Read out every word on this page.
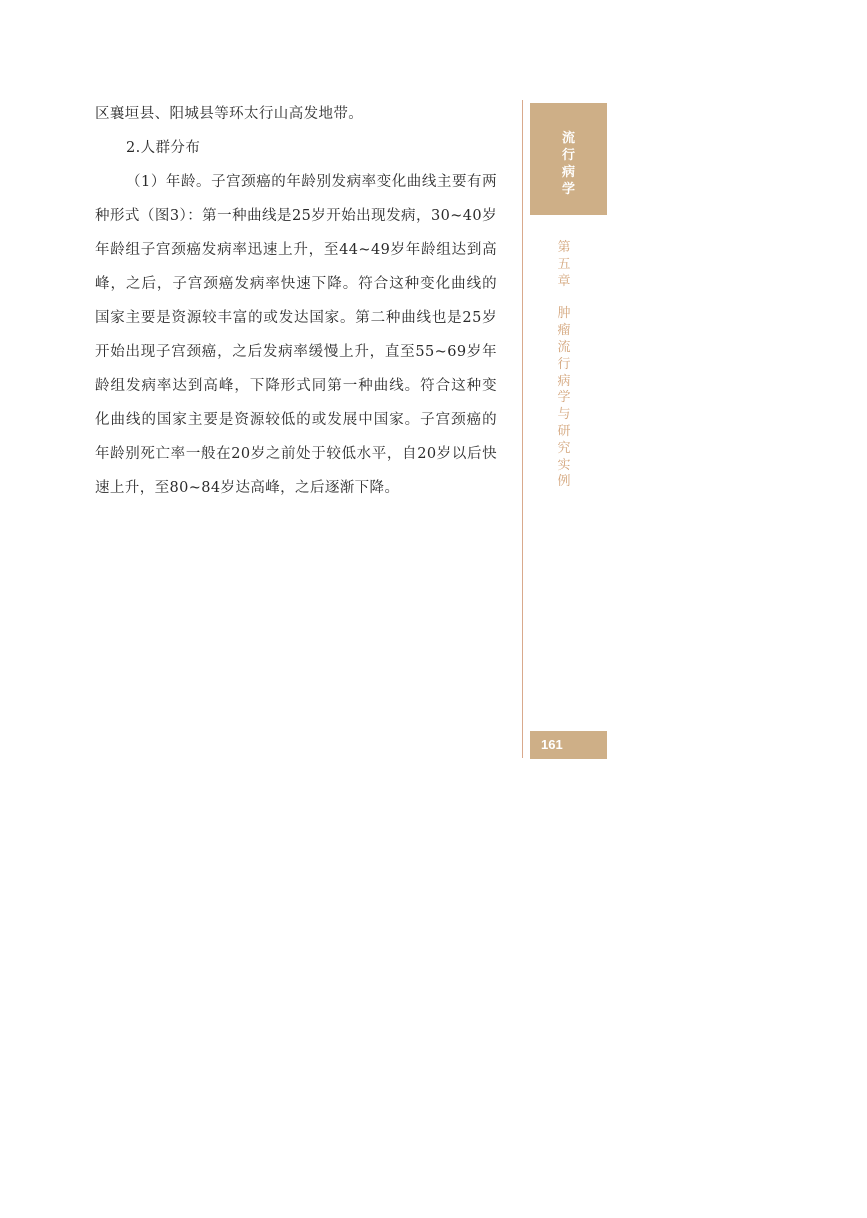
区襄垣县、阳城县等环太行山高发地带。

2.人群分布

（1）年龄。子宫颈癌的年龄别发病率变化曲线主要有两种形式（图3）：第一种曲线是25岁开始出现发病，30~40岁年龄组子宫颈癌发病率迅速上升，至44~49岁年龄组达到高峰，之后，子宫颈癌发病率快速下降。符合这种变化曲线的国家主要是资源较丰富的或发达国家。第二种曲线也是25岁开始出现子宫颈癌，之后发病率缓慢上升，直至55~69岁年龄组发病率达到高峰，下降形式同第一种曲线。符合这种变化曲线的国家主要是资源较低的或发展中国家。子宫颈癌的年龄别死亡率一般在20岁之前处于较低水平，自20岁以后快速上升，至80~84岁达高峰，之后逐渐下降。

流行病学
第五章
肿瘤流行病学与研究实例
161
